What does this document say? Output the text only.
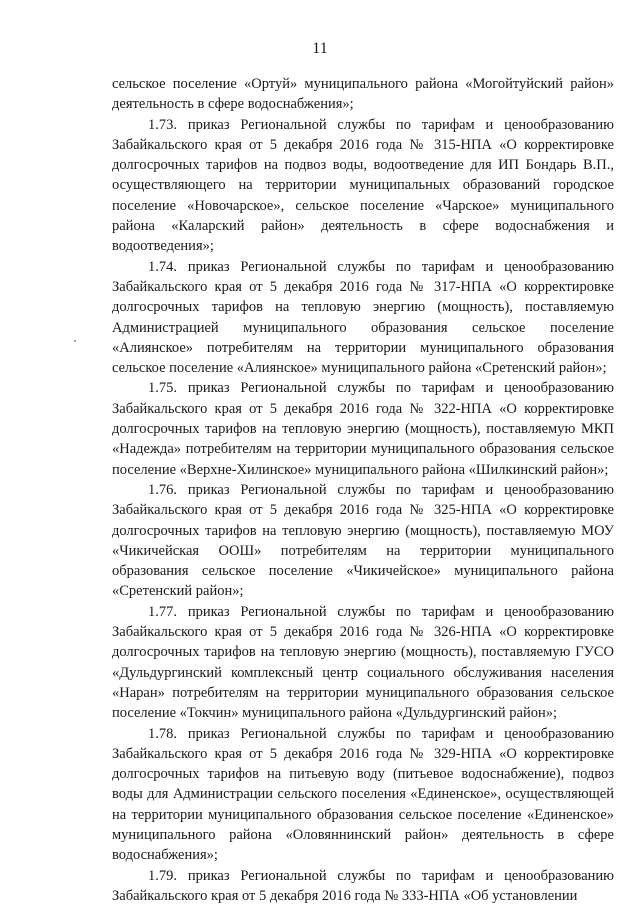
11

сельское поселение «Ортуй» муниципального района «Могойтуйский район» деятельность в сфере водоснабжения»;

1.73. приказ Региональной службы по тарифам и ценообразованию Забайкальского края от 5 декабря 2016 года № 315-НПА «О корректировке долгосрочных тарифов на подвоз воды, водоотведение для ИП Бондарь В.П., осуществляющего на территории муниципальных образований городское поселение «Новочарское», сельское поселение «Чарское» муниципального района «Каларский район» деятельность в сфере водоснабжения и водоотведения»;

1.74. приказ Региональной службы по тарифам и ценообразованию Забайкальского края от 5 декабря 2016 года № 317-НПА «О корректировке долгосрочных тарифов на тепловую энергию (мощность), поставляемую Администрацией муниципального образования сельское поселение «Алиянское» потребителям на территории муниципального образования сельское поселение «Алиянское» муниципального района «Сретенский район»;

1.75. приказ Региональной службы по тарифам и ценообразованию Забайкальского края от 5 декабря 2016 года № 322-НПА «О корректировке долгосрочных тарифов на тепловую энергию (мощность), поставляемую МКП «Надежда» потребителям на территории муниципального образования сельское поселение «Верхне-Хилинское» муниципального района «Шилкинский район»;

1.76. приказ Региональной службы по тарифам и ценообразованию Забайкальского края от 5 декабря 2016 года № 325-НПА «О корректировке долгосрочных тарифов на тепловую энергию (мощность), поставляемую МОУ «Чикичейская ООШ» потребителям на территории муниципального образования сельское поселение «Чикичейское» муниципального района «Сретенский район»;

1.77. приказ Региональной службы по тарифам и ценообразованию Забайкальского края от 5 декабря 2016 года № 326-НПА «О корректировке долгосрочных тарифов на тепловую энергию (мощность), поставляемую ГУСО «Дульдургинский комплексный центр социального обслуживания населения «Наран» потребителям на территории муниципального образования сельское поселение «Токчин» муниципального района «Дульдургинский район»;

1.78. приказ Региональной службы по тарифам и ценообразованию Забайкальского края от 5 декабря 2016 года № 329-НПА «О корректировке долгосрочных тарифов на питьевую воду (питьевое водоснабжение), подвоз воды для Администрации сельского поселения «Единенское», осуществляющей на территории муниципального образования сельское поселение «Единенское» муниципального района «Оловяннинский район» деятельность в сфере водоснабжения»;

1.79. приказ Региональной службы по тарифам и ценообразованию Забайкальского края от 5 декабря 2016 года № 333-НПА «Об установлении
